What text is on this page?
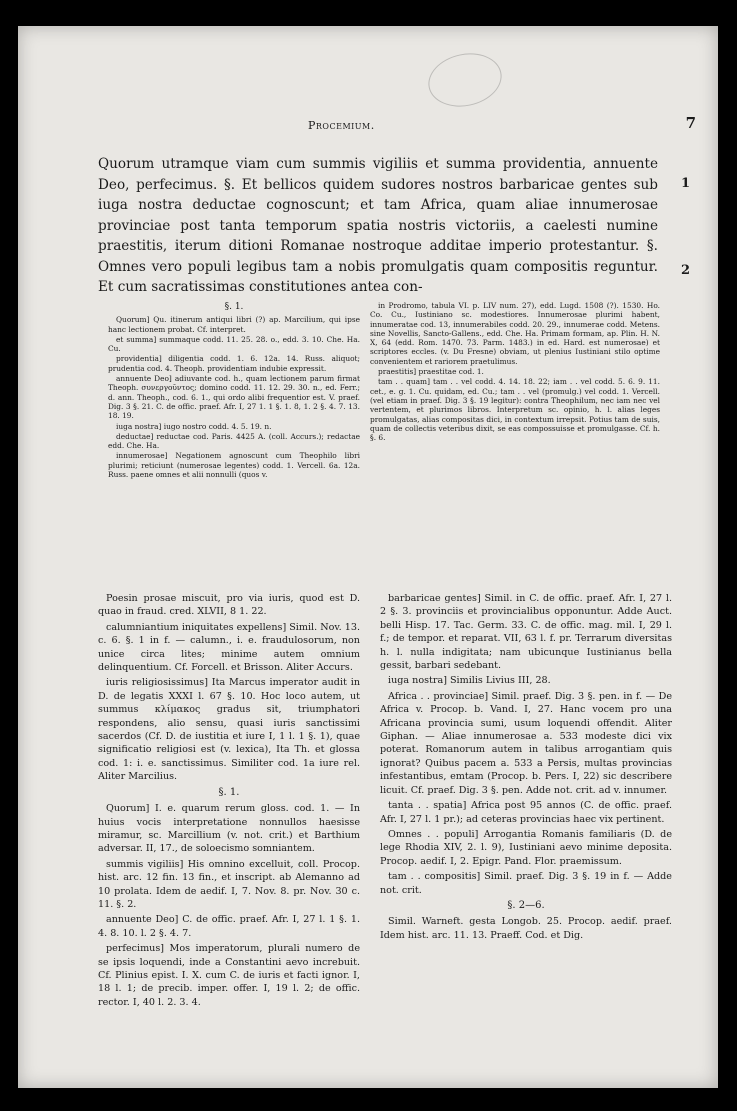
Procemium.	7

Quorum utramque viam cum summis vigiliis et summa providentia, annuente Deo, perfecimus. §. Et bellicos quidem sudores nostros barbaricae gentes sub iuga nostra deductae cognoscunt; et tam Africa, quam aliae innumerosae provinciae post tanta temporum spatia nostris victoriis, a caelesti numine praestitis, iterum ditioni Romanae nostroque additae imperio protestantur. §. Omnes vero populi legibus tam a nobis promulgatis quam compositis reguntur. Et cum sacratissimas constitutiones antea con-

1
2
§. 1.

Quorum] Qu. itinerum antiqui libri (?) ap. Marcilium, qui ipse hanc lectionem probat. Cf. interpret.

et summa] summaque codd. 11. 25. 28. o., edd. 3. 10. Che. Ha. Cu.

providentia] diligentia codd. 1. 6. 12a. 14. Russ. aliquot; prudentia cod. 4. Theoph. providentiam indubie expressit.

annuente Deo] adiuvante cod. h., quam lectionem parum firmat Theoph. συνεργοῦντος; domino codd. 11. 12. 29. 30. n., ed. Ferr.; d. ann. Theoph., cod. 6. 1., qui ordo alibi frequentior est. V. praef. Dig. 3 §. 21. C. de offic. praef. Afr. I, 27 1. 1 §. 1. 8, 1. 2 §. 4. 7. 13. 18. 19.

iuga nostra] iugo nostro codd. 4. 5. 19. n.

deductae] reductae cod. Paris. 4425 A. (coll. Accurs.); redactae edd. Che. Ha.

innumerosae] Negationem agnoscunt cum Theophilo libri plurimi; reticiunt (numerosae legentes) codd. 1. Vercell. 6a. 12a. Russ. paene omnes et alii nonnulli (quos v.

in Prodromo, tabula VI. p. LIV num. 27), edd. Lugd. 1508 (?). 1530. Ho. Co. Cu., Iustiniano sc. modestiores. Innumerosae plurimi habent, innumeratae cod. 13, innumerabiles codd. 20. 29., innumerae codd. Metens. sine Novellis, Sancto-Gallens., edd. Che. Ha. Primam formam, ap. Plin. H. N. X, 64 (edd. Rom. 1470. 73. Parm. 1483.) in ed. Hard. est numerosae) et scriptores eccles. (v. Du Fresne) obviam, ut plenius Iustiniani stilo optime convenientem et rariorem praetulimus.

praestitis] praestitae cod. 1.

tam . . quam] tam . . vel codd. 4. 14. 18. 22; iam . . vel codd. 5. 6. 9. 11. cet., e. g. 1. Cu. quidam, ed. Cu.; tam . . vel (promulg.) vel codd. 1. Vercell. (vel etiam in praef. Dig. 3 §. 19 legitur): contra Theophilum, nec iam nec vel vertentem, et plurimos libros. Interpretum sc. opinio, h. l. alias leges promulgatas, alias compositas dici, in contextum irrepsit. Potius tam de suis, quam de collectis veteribus dixit, se eas compossuisse et promulgasse. Cf. h. §. 6.

Poesin prosae miscuit, pro via iuris, quod est D. quao in fraud. cred. XLVII, 8 1. 22.

calumniantium iniquitates expellens] Simil. Nov. 13. c. 6. §. 1 in f. — calumn., i. e. fraudulosorum, non unice circa lites; minime autem omnium delinquentium. Cf. Forcell. et Brisson. Aliter Accurs.

iuris religiosissimus] Ita Marcus imperator audit in D. de legatis XXXI l. 67 §. 10. Hoc loco autem, ut summus κλίμακος gradus sit, triumphatori respondens, alio sensu, quasi iuris sanctissimi sacerdos (Cf. D. de iustitia et iure I, 1 l. 1 §. 1), quae significatio religiosi est (v. lexica), Ita Th. et glossa cod. 1: i. e. sanctissimus. Similiter cod. 1a iure rel. Aliter Marcilius.

§. 1.

Quorum] I. e. quarum rerum gloss. cod. 1. — In huius vocis interpretatione nonnullos haesisse miramur, sc. Marcillium (v. not. crit.) et Barthium adversar. II, 17., de soloecismo somniantem.

summis vigiliis] His omnino excelluit, coll. Procop. hist. arc. 12 fin. 13 fin., et inscript. ab Alemanno ad 10 prolata. Idem de aedif. I, 7. Nov. 8. pr. Nov. 30 c. 11. §. 2.

annuente Deo] C. de offic. praef. Afr. I, 27 l. 1 §. 1. 4. 8. 10. l. 2 §. 4. 7.

perfecimus] Mos imperatorum, plurali numero de se ipsis loquendi, inde a Constantini aevo increbuit. Cf. Plinius epist. I. X. cum C. de iuris et facti ignor. I, 18 l. 1; de precib. imper. offer. I, 19 l. 2; de offic. rector. I, 40 l. 2. 3. 4.

barbaricae gentes] Simil. in C. de offic. praef. Afr. I, 27 l. 2 §. 3. provinciis et provincialibus opponuntur. Adde Auct. belli Hisp. 17. Tac. Germ. 33. C. de offic. mag. mil. I, 29 l. f.; de tempor. et reparat. VII, 63 l. f. pr. Terrarum diversitas h. l. nulla indigitata; nam ubicunque Iustinianus bella gessit, barbari sedebant.

iuga nostra] Similis Livius III, 28.

Africa . . provinciae] Simil. praef. Dig. 3 §. pen. in f. — De Africa v. Procop. b. Vand. I, 27. Hanc vocem pro una Africana provincia sumi, usum loquendi offendit. Aliter Giphan. — Aliae innumerosae a. 533 modeste dici vix poterat. Romanorum autem in talibus arrogantiam quis ignorat? Quibus pacem a. 533 a Persis, multas provincias infestantibus, emtam (Procop. b. Pers. I, 22) sic describere licuit. Cf. praef. Dig. 3 §. pen. Adde not. crit. ad v. innumer.

tanta . . spatia] Africa post 95 annos (C. de offic. praef. Afr. I, 27 l. 1 pr.); ad ceteras provincias haec vix pertinent.

Omnes . . populi] Arrogantia Romanis familiaris (D. de lege Rhodia XIV, 2. l. 9), Iustiniani aevo minime deposita. Procop. aedif. I, 2. Epigr. Pand. Flor. praemissum.

tam . . compositis] Simil. praef. Dig. 3 §. 19 in f. — Adde not. crit.

§. 2—6.

Simil. Warneft. gesta Longob. 25. Procop. aedif. praef. Idem hist. arc. 11. 13. Praeff. Cod. et Dig.
